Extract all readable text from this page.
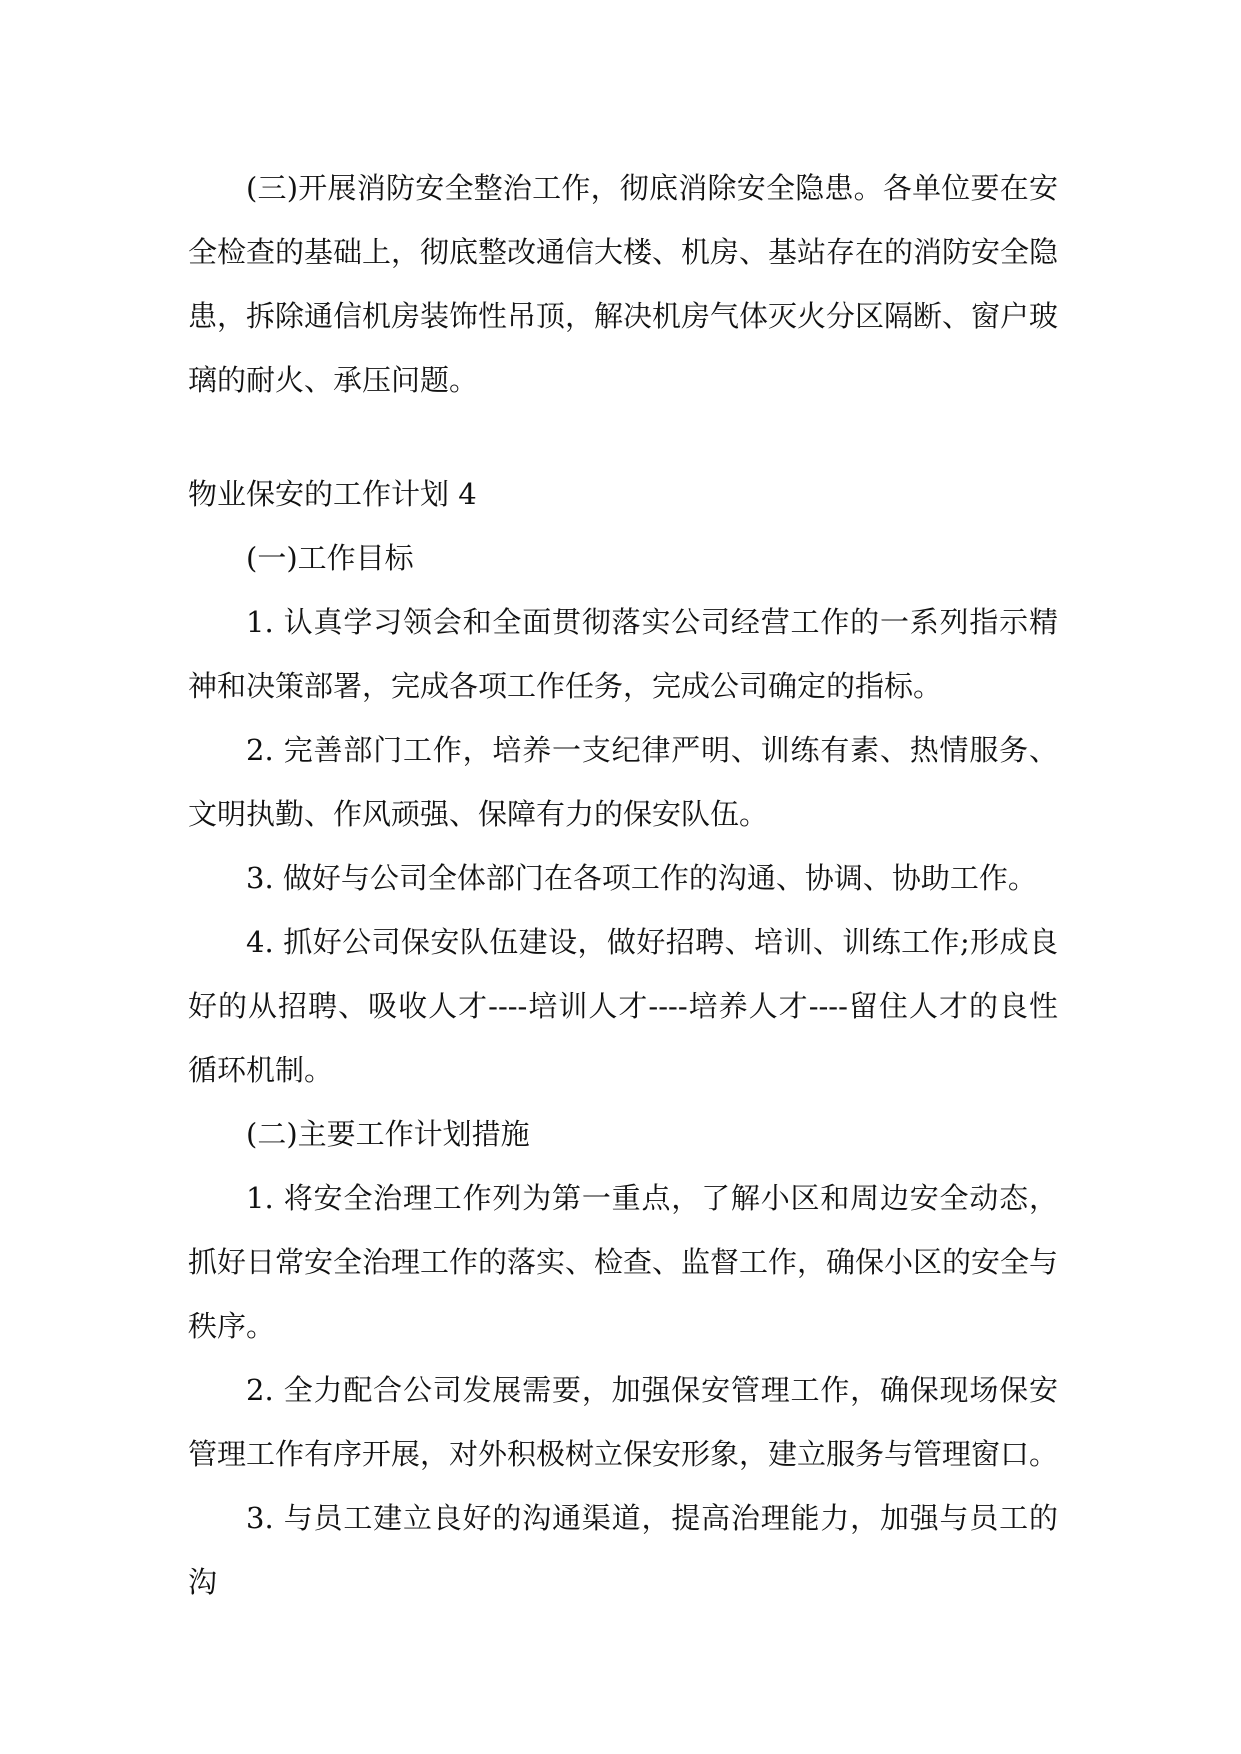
(三)开展消防安全整治工作，彻底消除安全隐患。各单位要在安全检查的基础上，彻底整改通信大楼、机房、基站存在的消防安全隐患，拆除通信机房装饰性吊顶，解决机房气体灭火分区隔断、窗户玻璃的耐火、承压问题。

物业保安的工作计划 4

(一)工作目标

1. 认真学习领会和全面贯彻落实公司经营工作的一系列指示精神和决策部署，完成各项工作任务，完成公司确定的指标。

2. 完善部门工作，培养一支纪律严明、训练有素、热情服务、文明执勤、作风顽强、保障有力的保安队伍。

3. 做好与公司全体部门在各项工作的沟通、协调、协助工作。

4. 抓好公司保安队伍建设，做好招聘、培训、训练工作;形成良好的从招聘、吸收人才----培训人才----培养人才----留住人才的良性循环机制。

(二)主要工作计划措施

1. 将安全治理工作列为第一重点，了解小区和周边安全动态，抓好日常安全治理工作的落实、检查、监督工作，确保小区的安全与秩序。

2. 全力配合公司发展需要，加强保安管理工作，确保现场保安管理工作有序开展，对外积极树立保安形象，建立服务与管理窗口。

3. 与员工建立良好的沟通渠道，提高治理能力，加强与员工的沟
